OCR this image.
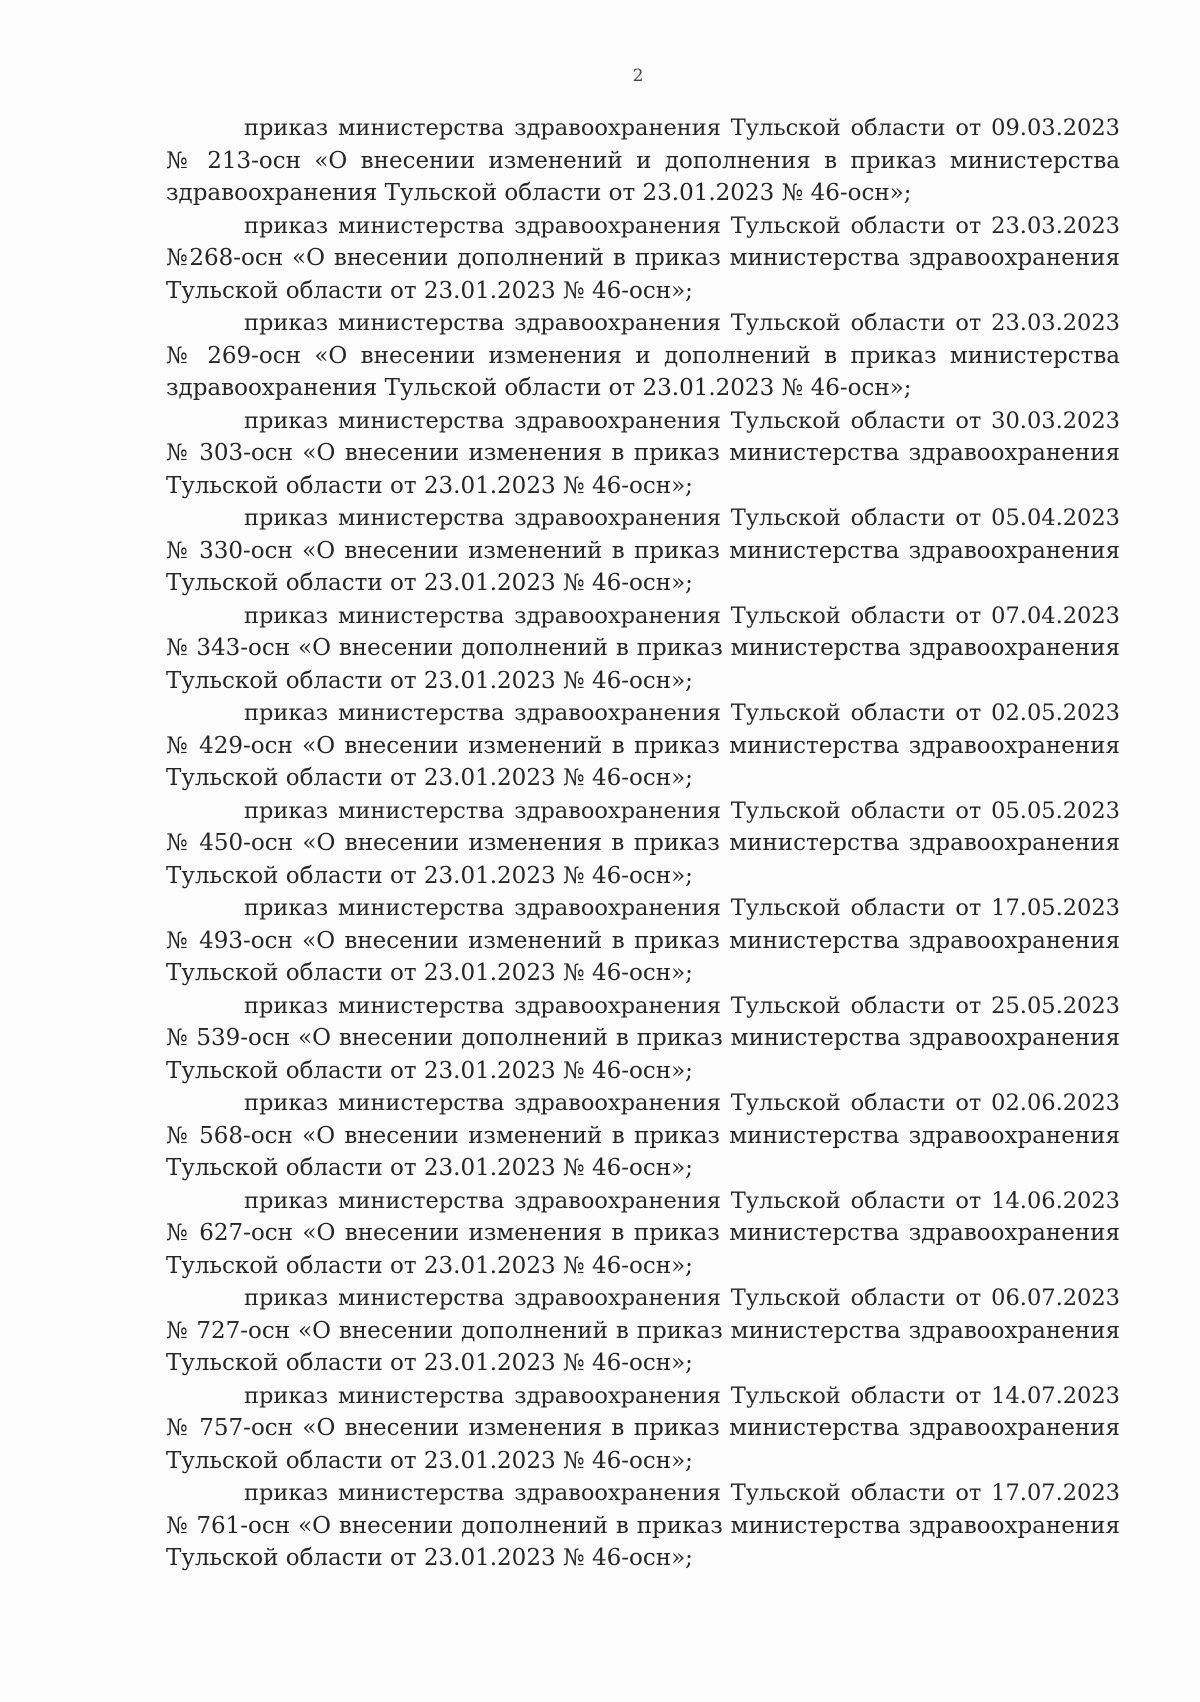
2
приказ министерства здравоохранения Тульской области от 09.03.2023
№ 213-осн «О внесении изменений и дополнения в приказ министерства
здравоохранения Тульской области от 23.01.2023 № 46-осн»;
приказ министерства здравоохранения Тульской области от 23.03.2023
№268-осн «О внесении дополнений в приказ министерства здравоохранения
Тульской области от 23.01.2023 № 46-осн»;
приказ министерства здравоохранения Тульской области от 23.03.2023
№ 269-осн «О внесении изменения и дополнений в приказ министерства
здравоохранения Тульской области от 23.01.2023 № 46-осн»;
приказ министерства здравоохранения Тульской области от 30.03.2023
№ 303-осн «О внесении изменения в приказ министерства здравоохранения
Тульской области от 23.01.2023 № 46-осн»;
приказ министерства здравоохранения Тульской области от 05.04.2023
№ 330-осн «О внесении изменений в приказ министерства здравоохранения
Тульской области от 23.01.2023 № 46-осн»;
приказ министерства здравоохранения Тульской области от 07.04.2023
№ 343-осн «О внесении дополнений в приказ министерства здравоохранения
Тульской области от 23.01.2023 № 46-осн»;
приказ министерства здравоохранения Тульской области от 02.05.2023
№ 429-осн «О внесении изменений в приказ министерства здравоохранения
Тульской области от 23.01.2023 № 46-осн»;
приказ министерства здравоохранения Тульской области от 05.05.2023
№ 450-осн «О внесении изменения в приказ министерства здравоохранения
Тульской области от 23.01.2023 № 46-осн»;
приказ министерства здравоохранения Тульской области от 17.05.2023
№ 493-осн «О внесении изменений в приказ министерства здравоохранения
Тульской области от 23.01.2023 № 46-осн»;
приказ министерства здравоохранения Тульской области от 25.05.2023
№ 539-осн «О внесении дополнений в приказ министерства здравоохранения
Тульской области от 23.01.2023 № 46-осн»;
приказ министерства здравоохранения Тульской области от 02.06.2023
№ 568-осн «О внесении изменений в приказ министерства здравоохранения
Тульской области от 23.01.2023 № 46-осн»;
приказ министерства здравоохранения Тульской области от 14.06.2023
№ 627-осн «О внесении изменения в приказ министерства здравоохранения
Тульской области от 23.01.2023 № 46-осн»;
приказ министерства здравоохранения Тульской области от 06.07.2023
№ 727-осн «О внесении дополнений в приказ министерства здравоохранения
Тульской области от 23.01.2023 № 46-осн»;
приказ министерства здравоохранения Тульской области от 14.07.2023
№ 757-осн «О внесении изменения в приказ министерства здравоохранения
Тульской области от 23.01.2023 № 46-осн»;
приказ министерства здравоохранения Тульской области от 17.07.2023
№ 761-осн «О внесении дополнений в приказ министерства здравоохранения
Тульской области от 23.01.2023 № 46-осн»;
